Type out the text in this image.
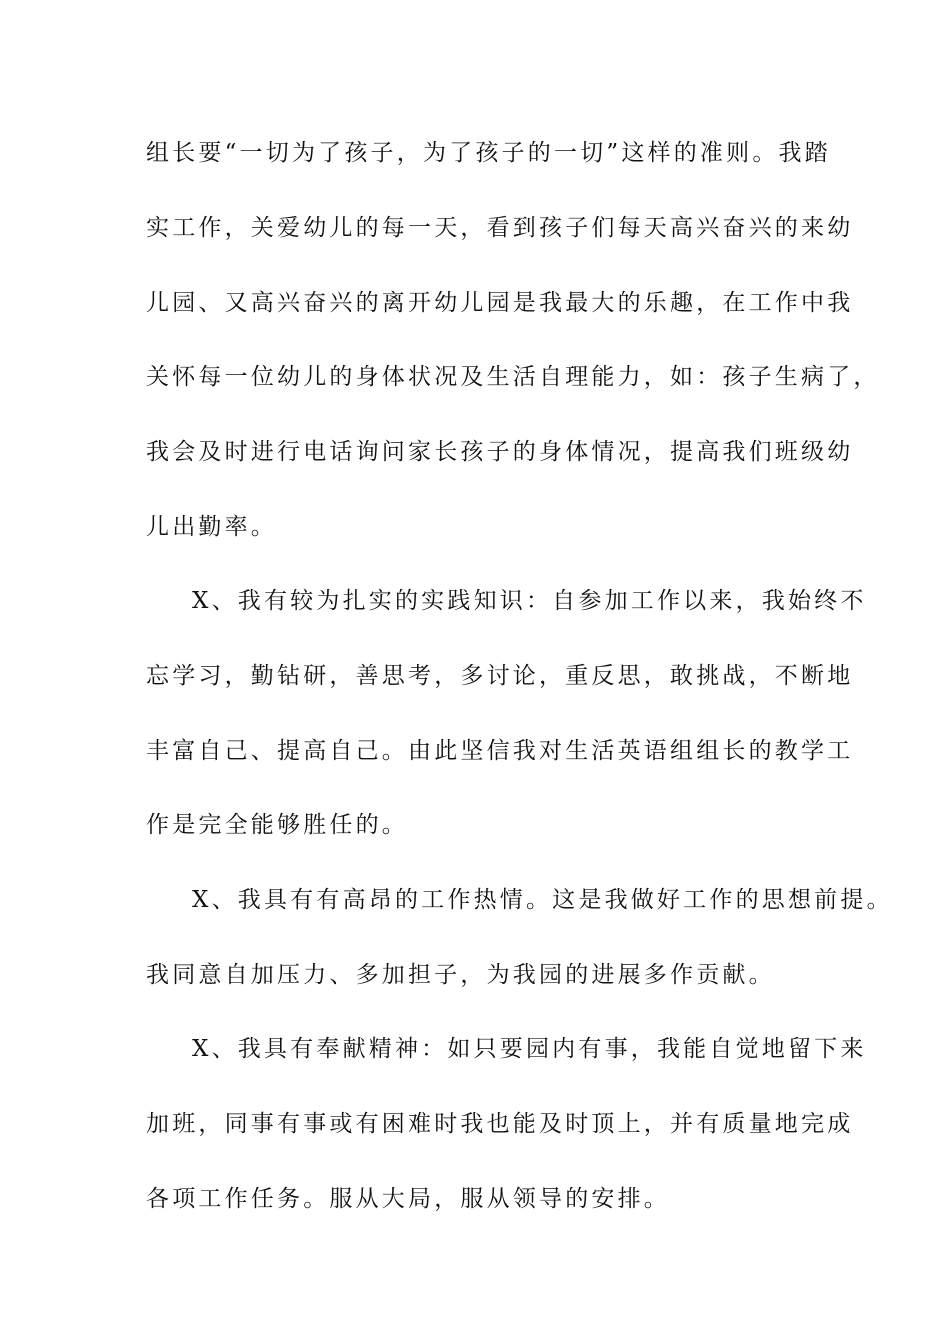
组长要“一切为了孩子，为了孩子的一切”这样的准则。我踏

实工作，关爱幼儿的每一天，看到孩子们每天高兴奋兴的来幼

儿园、又高兴奋兴的离开幼儿园是我最大的乐趣，在工作中我

关怀每一位幼儿的身体状况及生活自理能力，如：孩子生病了，

我会及时进行电话询问家长孩子的身体情况，提高我们班级幼

儿出勤率。

X、我有较为扎实的实践知识：自参加工作以来，我始终不

忘学习，勤钻研，善思考，多讨论，重反思，敢挑战，不断地

丰富自己、提高自己。由此坚信我对生活英语组组长的教学工

作是完全能够胜任的。

X、我具有有高昂的工作热情。这是我做好工作的思想前提。

我同意自加压力、多加担子，为我园的进展多作贡献。

X、我具有奉献精神：如只要园内有事，我能自觉地留下来

加班，同事有事或有困难时我也能及时顶上，并有质量地完成

各项工作任务。服从大局，服从领导的安排。
